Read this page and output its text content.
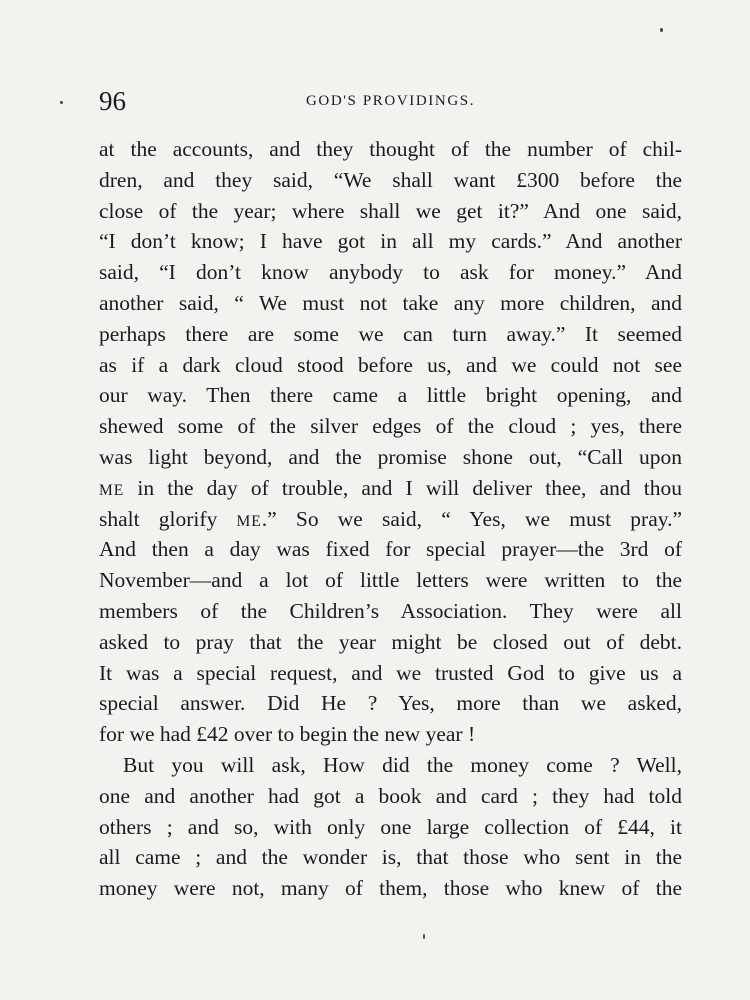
96	GOD'S PROVIDINGS.
at the accounts, and they thought of the number of chil-
dren, and they said, “We shall want £300 before the
close of the year; where shall we get it?” And one said,
“I don’t know; I have got in all my cards.” And another
said, “I don’t know anybody to ask for money.” And
another said, “ We must not take any more children, and
perhaps there are some we can turn away.” It seemed
as if a dark cloud stood before us, and we could not see
our way. Then there came a little bright opening, and
shewed some of the silver edges of the cloud ; yes, there
was light beyond, and the promise shone out, “Call upon
ME in the day of trouble, and I will deliver thee, and thou
shalt glorify ME.” So we said, “ Yes, we must pray.”
And then a day was fixed for special prayer—the 3rd of
November—and a lot of little letters were written to the
members of the Children’s Association. They were all
asked to pray that the year might be closed out of debt.
It was a special request, and we trusted God to give us a
special answer. Did He ? Yes, more than we asked,
for we had £42 over to begin the new year !
But you will ask, How did the money come ? Well,
one and another had got a book and card ; they had told
others ; and so, with only one large collection of £44, it
all came ; and the wonder is, that those who sent in the
money were not, many of them, those who knew of the
